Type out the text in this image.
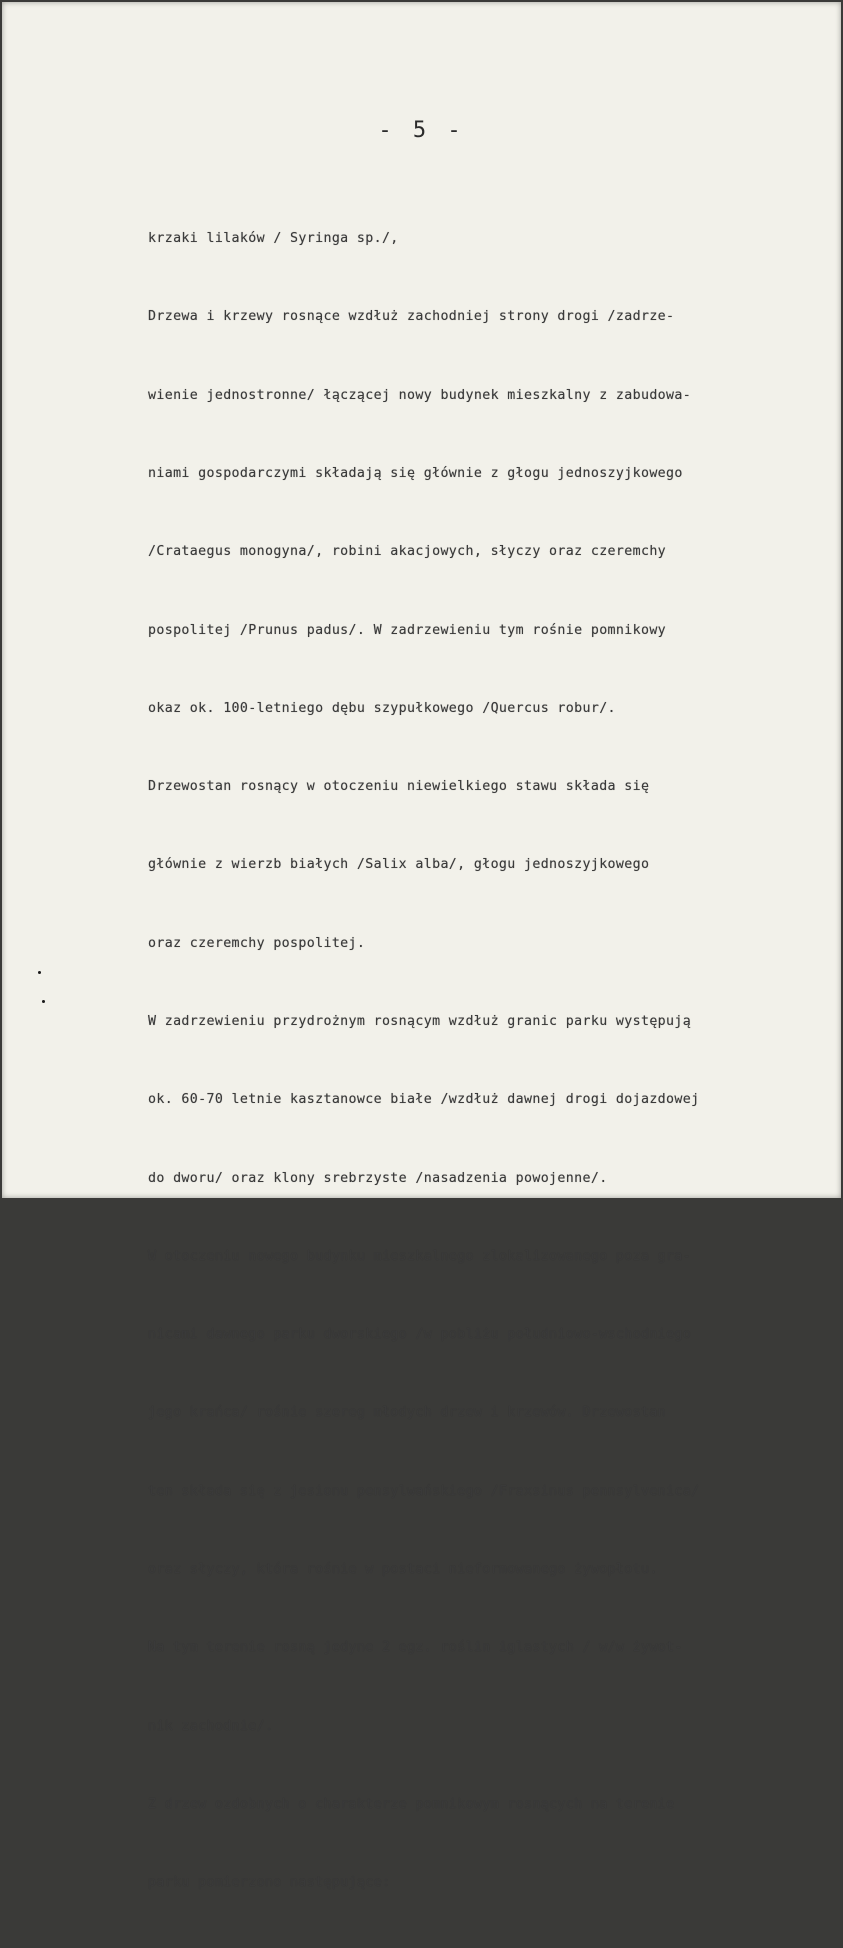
- 5 -

krzaki lilaków / Syringa sp./,

Drzewa i krzewy rosnące wzdłuż zachodniej strony drogi /zadrze-

wienie jednostronne/ łączącej nowy budynek mieszkalny z zabudowa-

niami gospodarczymi składają się głównie z głogu jednoszyjkowego

/Crataegus monogyna/, robini akacjowych, słyczy oraz czeremchy

pospolitej /Prunus padus/. W zadrzewieniu tym rośnie pomnikowy

okaz ok. 100-letniego dębu szypułkowego /Quercus robur/.

Drzewostan rosnący w otoczeniu niewielkiego stawu składa się

głównie z wierzb białych /Salix alba/, głogu jednoszyjkowego

oraz czeremchy pospolitej.

W zadrzewieniu przydrożnym rosnącym wzdłuż granic parku występują

ok. 60-70 letnie kasztanowce białe /wzdłuż dawnej drogi dojazdowej

do dworu/ oraz klony srebrzyste /nasadzenia powojenne/.

W otoczeniu nowego budynku mieszkalnego zlokalizowanego poza gra-

nicami dawnego parku dworskiego /w pobliżu południowo-wschodniego

jego krańca/ rośnie szereg młodych drzew i krzewów. Drzewostan

ten składa się z jesionu pensylwańskiego /Fraxsinus pennsylvenica/

oraz słyczy, która rośnie w postaci nieformowanego żywopłotu.

Na tym terenie rosną jedyne 2 egz. roślin iglastych / w/w żywot-

nik zachodnie/.

Z drzew ozdobnych o charakterze pomnikowym rosnących na terenie

parku pomierzono następujące:
